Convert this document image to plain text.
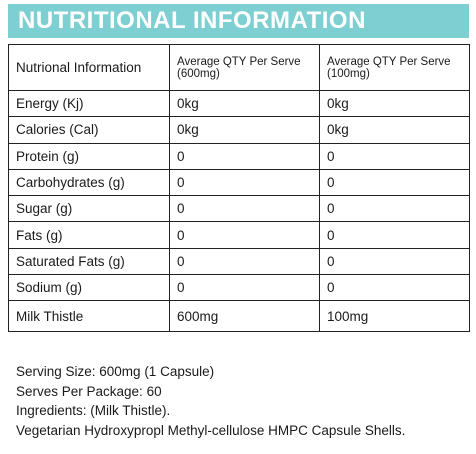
NUTRITIONAL INFORMATION
Nutrional Information	Average QTY Per Serve (600mg)	Average QTY Per Serve (100mg)
Energy (Kj)	0kg	0kg
Calories (Cal)	0kg	0kg
Protein (g)	0	0
Carbohydrates (g)	0	0
Sugar (g)	0	0
Fats (g)	0	0
Saturated Fats (g)	0	0
Sodium (g)	0	0
Milk Thistle	600mg	100mg
Serving Size: 600mg (1 Capsule)
Serves Per Package: 60
Ingredients: (Milk Thistle).
Vegetarian Hydroxypropl Methyl-cellulose HMPC Capsule Shells.
